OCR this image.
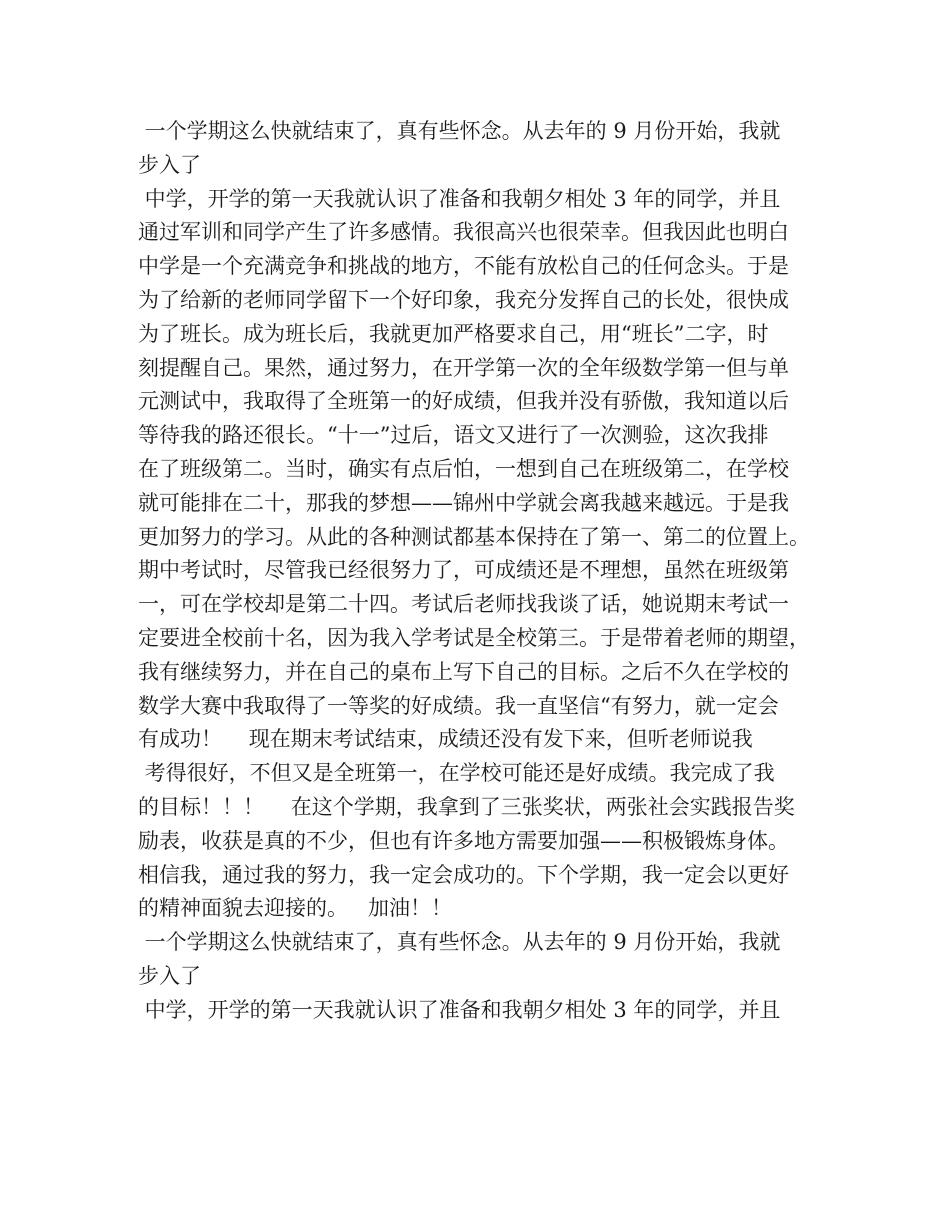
一个学期这么快就结束了，真有些怀念。从去年的 9 月份开始，我就
步入了
中学，开学的第一天我就认识了准备和我朝夕相处 3 年的同学，并且
通过军训和同学产生了许多感情。我很高兴也很荣幸。但我因此也明白
中学是一个充满竞争和挑战的地方，不能有放松自己的任何念头。于是
为了给新的老师同学留下一个好印象，我充分发挥自己的长处，很快成
为了班长。成为班长后，我就更加严格要求自己，用“班长”二字，时
刻提醒自己。果然，通过努力，在开学第一次的全年级数学第一但与单
元测试中，我取得了全班第一的好成绩，但我并没有骄傲，我知道以后
等待我的路还很长。“十一”过后，语文又进行了一次测验，这次我排
在了班级第二。当时，确实有点后怕，一想到自己在班级第二，在学校
就可能排在二十，那我的梦想——锦州中学就会离我越来越远。于是我
更加努力的学习。从此的各种测试都基本保持在了第一、第二的位置上。
期中考试时，尽管我已经很努力了，可成绩还是不理想，虽然在班级第
一，可在学校却是第二十四。考试后老师找我谈了话，她说期末考试一
定要进全校前十名，因为我入学考试是全校第三。于是带着老师的期望，
我有继续努力，并在自己的桌布上写下自己的目标。之后不久在学校的
数学大赛中我取得了一等奖的好成绩。我一直坚信“有努力，就一定会
有成功！    现在期末考试结束，成绩还没有发下来，但听老师说我
考得很好，不但又是全班第一，在学校可能还是好成绩。我完成了我
的目标！！！    在这个学期，我拿到了三张奖状，两张社会实践报告奖
励表，收获是真的不少，但也有许多地方需要加强——积极锻炼身体。
相信我，通过我的努力，我一定会成功的。下个学期，我一定会以更好
的精神面貌去迎接的。   加油！！
一个学期这么快就结束了，真有些怀念。从去年的 9 月份开始，我就
步入了
中学，开学的第一天我就认识了准备和我朝夕相处 3 年的同学，并且
